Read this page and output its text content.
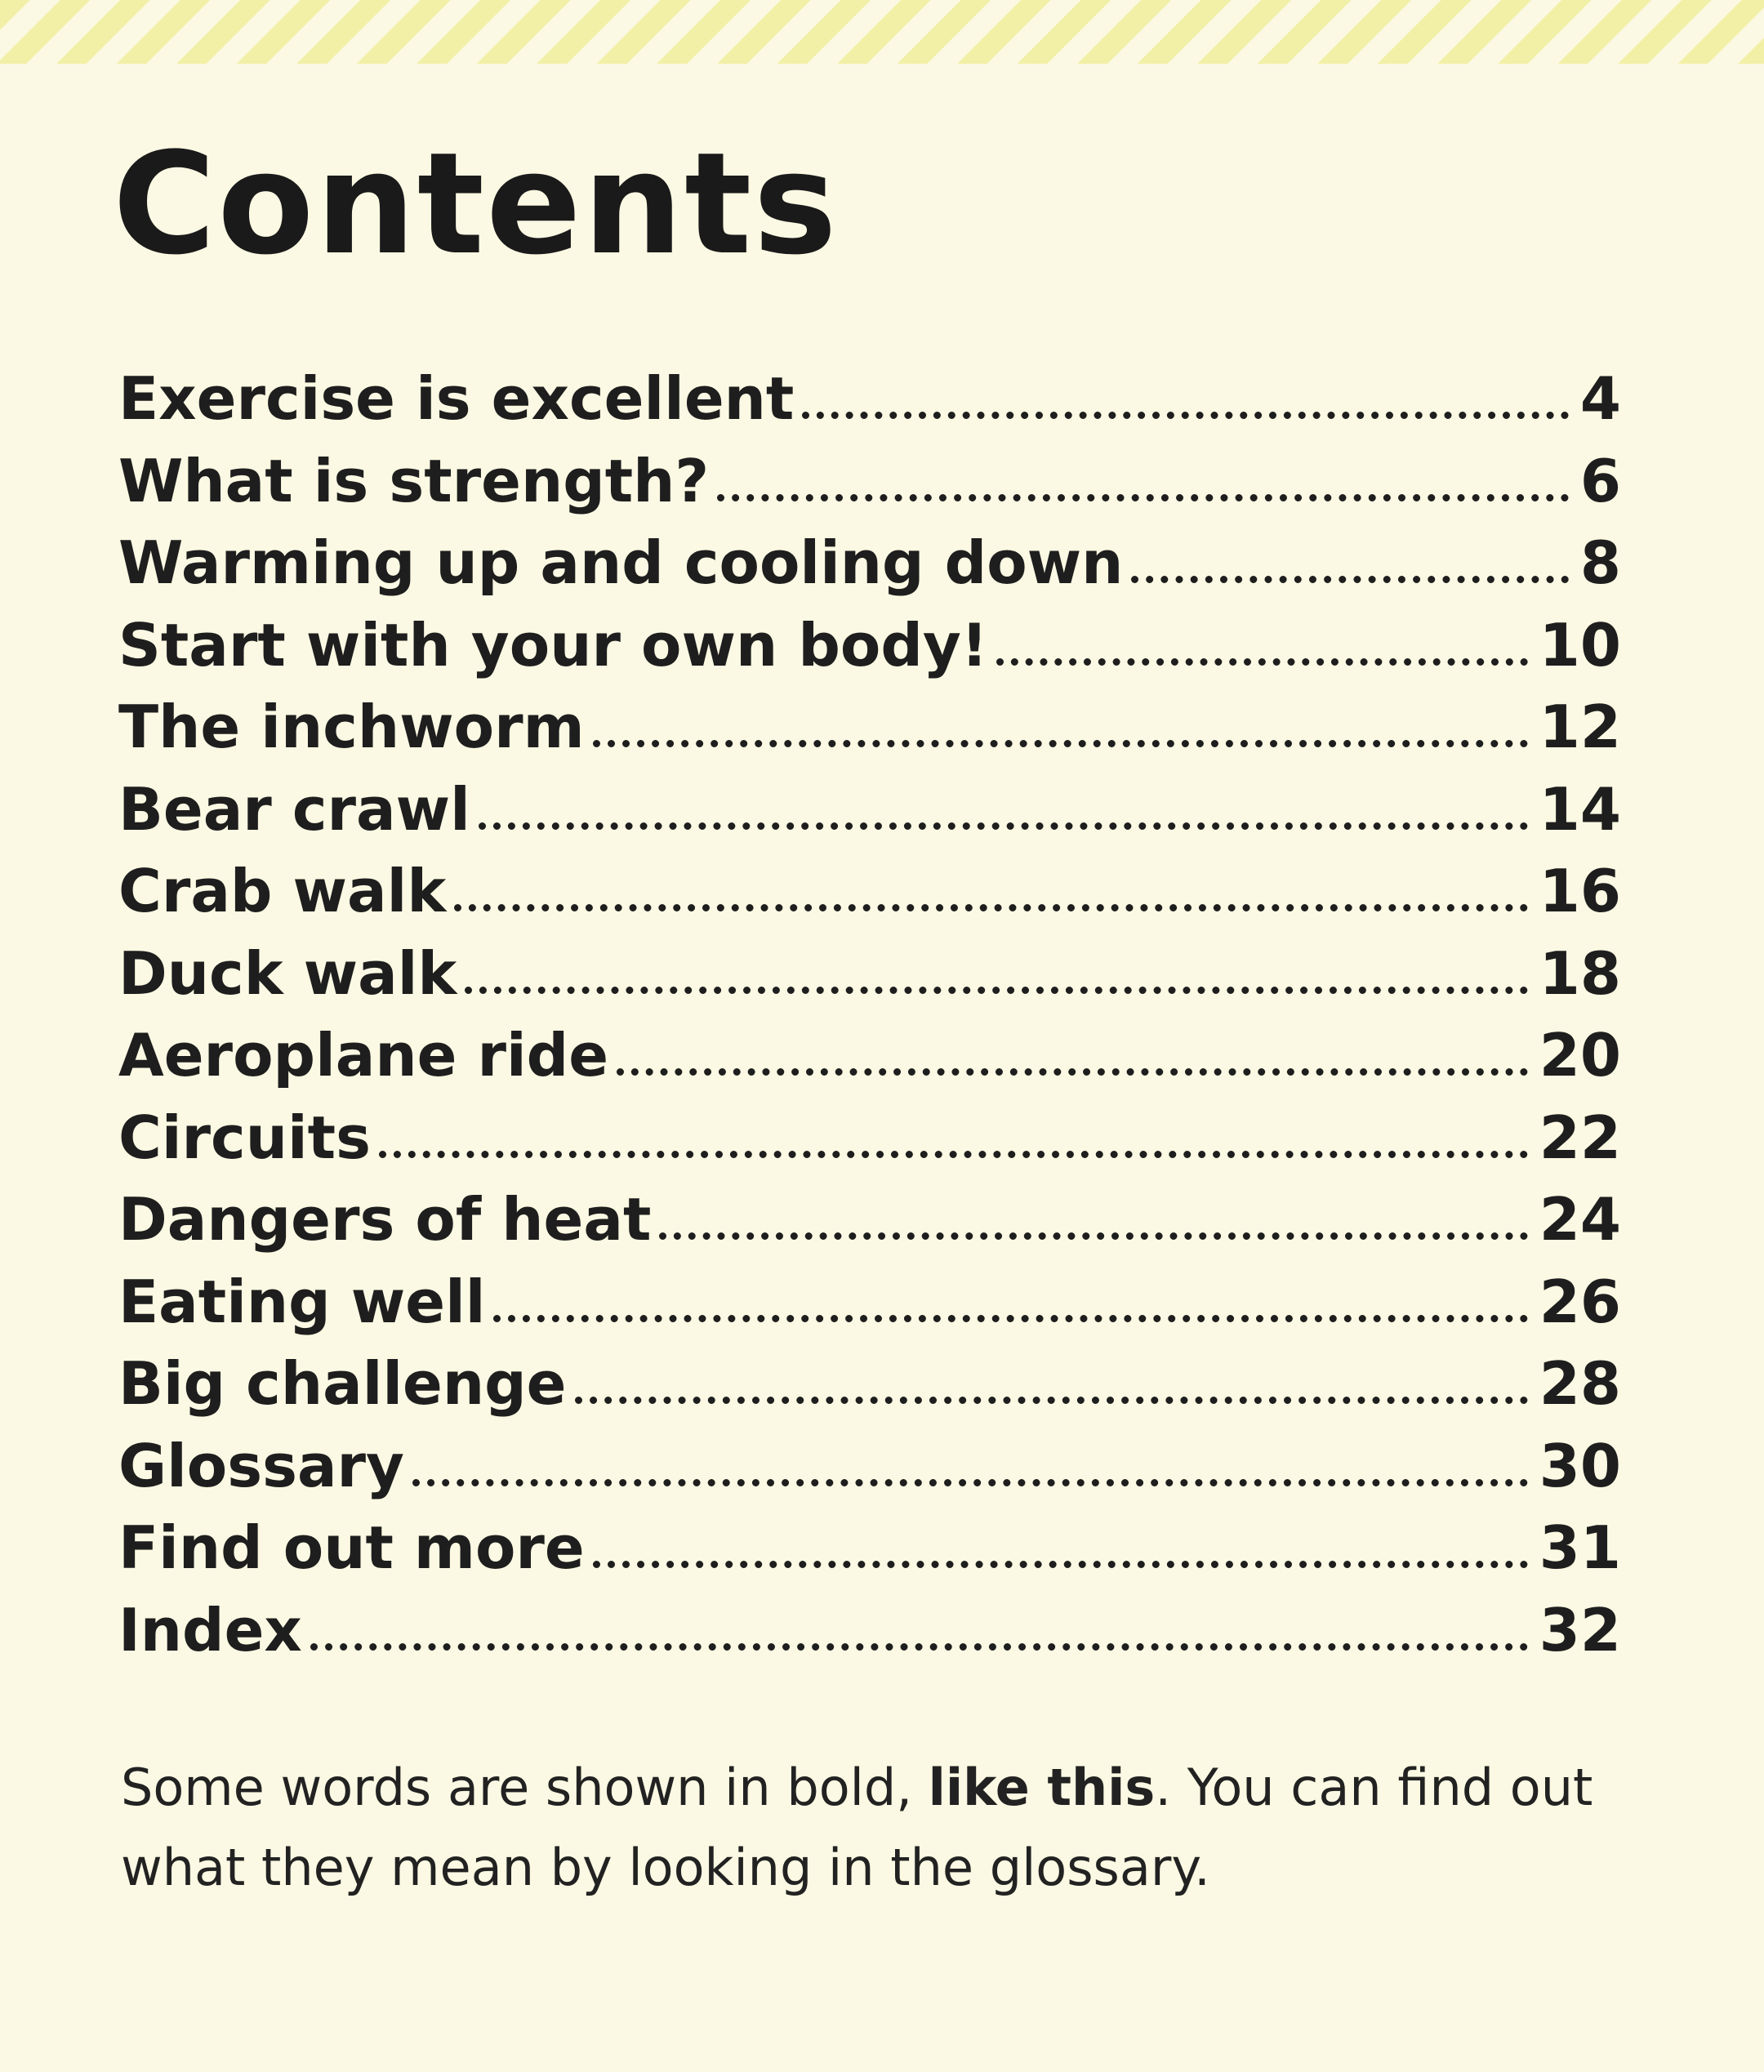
Contents
Exercise is excellent	4
What is strength?	6
Warming up and cooling down	8
Start with your own body!	10
The inchworm	12
Bear crawl	14
Crab walk	16
Duck walk	18
Aeroplane ride	20
Circuits	22
Dangers of heat	24
Eating well	26
Big challenge	28
Glossary	30
Find out more	31
Index	32

Some words are shown in bold, like this. You can find out what they mean by looking in the glossary.
